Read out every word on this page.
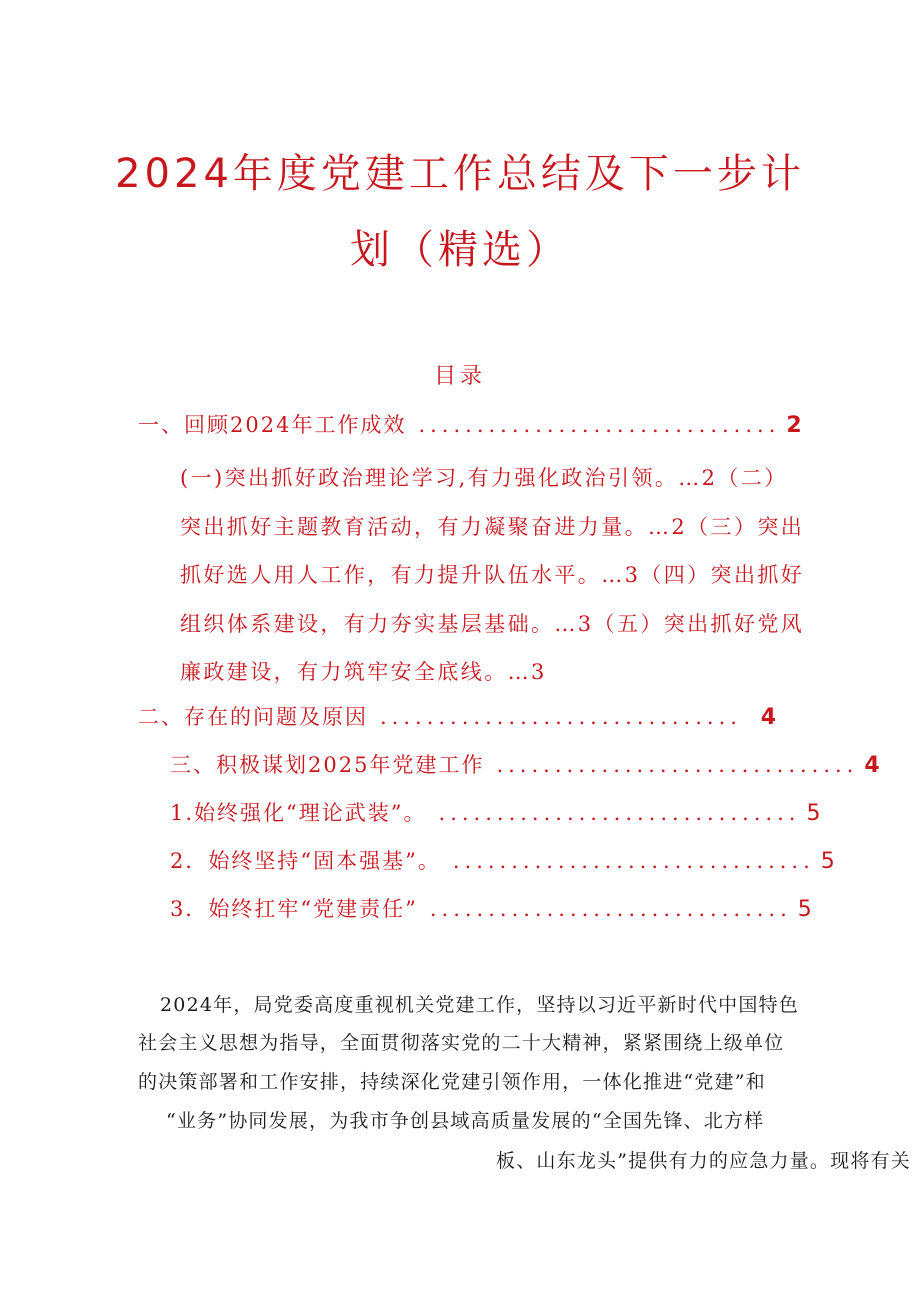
2024年度党建工作总结及下一步计
划（精选）
目录
一、回顾2024年工作成效 ............................... 2
(一)突出抓好政治理论学习,有力强化政治引领。…2（二）
突出抓好主题教育活动，有力凝聚奋进力量。…2（三）突出
抓好选人用人工作，有力提升队伍水平。…3（四）突出抓好
组织体系建设，有力夯实基层基础。…3（五）突出抓好党风
廉政建设，有力筑牢安全底线。…3
二、存在的问题及原因 ............................... 4
三、积极谋划2025年党建工作 ............................... 4
1.始终强化“理论武装”。 ............................... 5
2．始终坚持“固本强基”。 ............................... 5
3．始终扛牢“党建责任” ............................... 5
2024年，局党委高度重视机关党建工作，坚持以习近平新时代中国特色
社会主义思想为指导，全面贯彻落实党的二十大精神，紧紧围绕上级单位
的决策部署和工作安排，持续深化党建引领作用，一体化推进“党建”和
“业务”协同发展，为我市争创县域高质量发展的“全国先锋、北方样
板、山东龙头”提供有力的应急力量。现将有关
